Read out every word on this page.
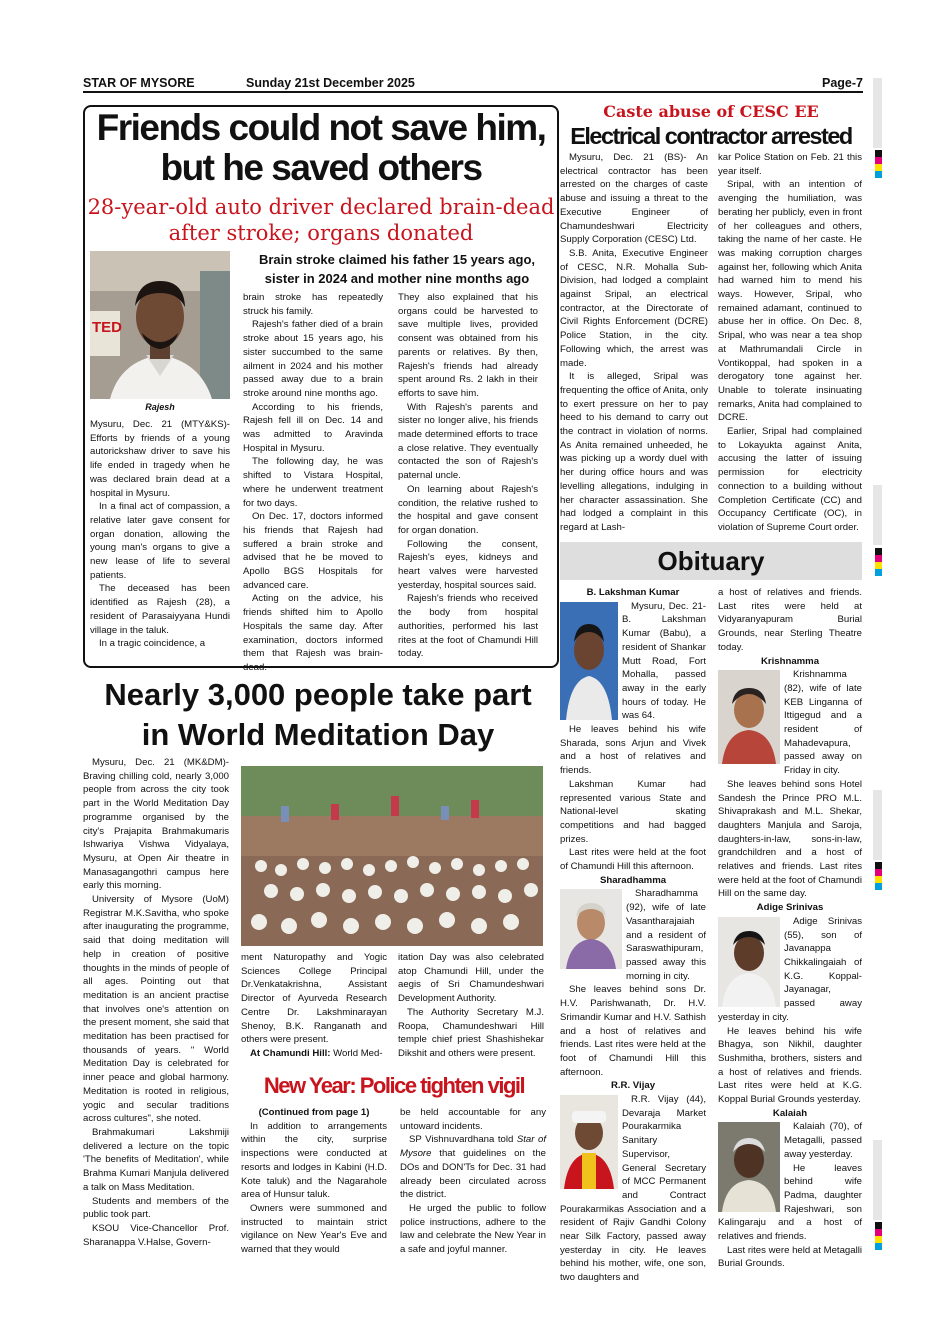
STAR OF MYSORE	Sunday 21st December 2025	Page-7
Friends could not save him,
but he saved others
28-year-old auto driver declared brain-dead
after stroke; organs donated
Brain stroke claimed his father 15 years ago,
sister in 2024 and mother nine months ago
TED
Rajesh

Mysuru, Dec. 21 (MTY&KS)- Efforts by friends of a young autorickshaw driver to save his life ended in tragedy when he was declared brain dead at a hospital in Mysuru.

In a final act of compassion, a relative later gave consent for organ donation, allowing the young man's organs to give a new lease of life to several patients.

The deceased has been identified as Rajesh (28), a resident of Parasaiyyana Hundi village in the taluk.

In a tragic coincidence, a

brain stroke has repeatedly struck his family.

Rajesh's father died of a brain stroke about 15 years ago, his sister succumbed to the same ailment in 2024 and his mother passed away due to a brain stroke around nine months ago.

According to his friends, Rajesh fell ill on Dec. 14 and was admitted to Aravinda Hospital in Mysuru.

The following day, he was shifted to Vistara Hospital, where he underwent treatment for two days.

On Dec. 17, doctors informed his friends that Rajesh had suffered a brain stroke and advised that he be moved to Apollo BGS Hospitals for advanced care.

Acting on the advice, his friends shifted him to Apollo Hospitals the same day. After examination, doctors informed them that Rajesh was brain-dead.

They also explained that his organs could be harvested to save multiple lives, provided consent was obtained from his parents or relatives. By then, Rajesh's friends had already spent around Rs. 2 lakh in their efforts to save him.

With Rajesh's parents and sister no longer alive, his friends made determined efforts to trace a close relative. They eventually contacted the son of Rajesh's paternal uncle.

On learning about Rajesh's condition, the relative rushed to the hospital and gave consent for organ donation.

Following the consent, Rajesh's eyes, kidneys and heart valves were harvested yesterday, hospital sources said.

Rajesh's friends who received the body from hospital authorities, performed his last rites at the foot of Chamundi Hill today.

Caste abuse of CESC EE
Electrical contractor arrested

Mysuru, Dec. 21 (BS)- An electrical contractor has been arrested on the charges of caste abuse and issuing a threat to the Executive Engineer of Chamundeshwari Electricity Supply Corporation (CESC) Ltd.

S.B. Anita, Executive Engineer of CESC, N.R. Mohalla Sub-Division, had lodged a complaint against Sripal, an electrical contractor, at the Directorate of Civil Rights Enforcement (DCRE) Police Station, in the city. Following which, the arrest was made.

It is alleged, Sripal was frequenting the office of Anita, only to exert pressure on her to pay heed to his demand to carry out the contract in violation of norms. As Anita remained unheeded, he was picking up a wordy duel with her during office hours and was levelling allegations, indulging in her character assassination. She had lodged a complaint in this regard at Lash-

kar Police Station on Feb. 21 this year itself.

Sripal, with an intention of avenging the humiliation, was berating her publicly, even in front of her colleagues and others, taking the name of her caste. He was making corruption charges against her, following which Anita had warned him to mend his ways. However, Sripal, who remained adamant, continued to abuse her in office. On Dec. 8, Sripal, who was near a tea shop at Mathrumandali Circle in Vontikoppal, had spoken in a derogatory tone against her. Unable to tolerate insinuating remarks, Anita had complained to DCRE.

Earlier, Sripal had complained to Lokayukta against Anita, accusing the latter of issuing permission for electricity connection to a building without Completion Certificate (CC) and Occupancy Certificate (OC), in violation of Supreme Court order.

Obituary

B. Lakshman Kumar

Mysuru, Dec. 21- B. Lakshman Kumar (Babu), a resident of Shankar Mutt Road, Fort Mohalla, passed away in the early hours of today. He was 64.

He leaves behind his wife Sharada, sons Arjun and Vivek and a host of relatives and friends.

Lakshman Kumar had represented various State and National-level skating competitions and had bagged prizes.

Last rites were held at the foot of Chamundi Hill this afternoon.

Sharadhamma

Sharadhamma (92), wife of late Vasantharajaiah and a resident of Saraswathipuram, passed away this morning in city.

She leaves behind sons Dr. H.V. Parishwanath, Dr. H.V. Srimandir Kumar and H.V. Sathish and a host of relatives and friends. Last rites were held at the foot of Chamundi Hill this afternoon.

R.R. Vijay

R.R. Vijay (44), Devaraja Market Pourakarmika Sanitary Supervisor, General Secretary of MCC Permanent and Contract Pourakarmikas Association and a resident of Rajiv Gandhi Colony near Silk Factory, passed away yesterday in city. He leaves behind his mother, wife, one son, two daughters and

a host of relatives and friends. Last rites were held at Vidyaranyapuram Burial Grounds, near Sterling Theatre today.

Krishnamma

Krishnamma (82), wife of late KEB Linganna of Ittigegud and a resident of Mahadevapura, passed away on Friday in city.

She leaves behind sons Hotel Sandesh the Prince PRO M.L. Shivaprakash and M.L. Shekar, daughters Manjula and Saroja, daughters-in-law, sons-in-law, grandchildren and a host of relatives and friends. Last rites were held at the foot of Chamundi Hill on the same day.

Adige Srinivas

Adige Srinivas (55), son of Javanappa Chikkalingaiah of K.G. Koppal-Jayanagar, passed away yesterday in city.

He leaves behind his wife Bhagya, son Nikhil, daughter Sushmitha, brothers, sisters and a host of relatives and friends. Last rites were held at K.G. Koppal Burial Grounds yesterday.

Kalaiah

Kalaiah (70), of Metagalli, passed away yesterday.

He leaves behind wife Padma, daughter Rajeshwari, son Kalingaraju and a host of relatives and friends.

Last rites were held at Metagalli Burial Grounds.

Nearly 3,000 people take part
in World Meditation Day

Mysuru, Dec. 21 (MK&DM)- Braving chilling cold, nearly 3,000 people from across the city took part in the World Meditation Day programme organised by the city's Prajapita Brahmakumaris Ishwariya Vishwa Vidyalaya, Mysuru, at Open Air theatre in Manasagangothri campus here early this morning.

University of Mysore (UoM) Registrar M.K.Savitha, who spoke after inaugurating the programme, said that doing meditation will help in creation of positive thoughts in the minds of people of all ages. Pointing out that meditation is an ancient practise that involves one's attention on the present moment, she said that meditation has been practised for thousands of years. " World Meditation Day is celebrated for inner peace and global harmony. Meditation is rooted in religious, yogic and secular traditions across cultures", she noted.

Brahmakumari Lakshmiji delivered a lecture on the topic 'The benefits of Meditation', while Brahma Kumari Manjula delivered a talk on Mass Meditation.

Students and members of the public took part.

KSOU Vice-Chancellor Prof. Sharanappa V.Halse, Govern-

ment Naturopathy and Yogic Sciences College Principal Dr.Venkatakrishna, Assistant Director of Ayurveda Research Centre Dr. Lakshminarayan Shenoy, B.K. Ranganath and others were present.

At Chamundi Hill: World Med-

itation Day was also celebrated atop Chamundi Hill, under the aegis of Sri Chamundeshwari Development Authority.

The Authority Secretary M.J. Roopa, Chamundeshwari Hill temple chief priest Shashishekar Dikshit and others were present.

New Year: Police tighten vigil

(Continued from page 1)

In addition to arrangements within the city, surprise inspections were conducted at resorts and lodges in Kabini (H.D. Kote taluk) and the Nagarahole area of Hunsur taluk.

Owners were summoned and instructed to maintain strict vigilance on New Year's Eve and warned that they would

be held accountable for any untoward incidents.

SP Vishnuvardhana told Star of Mysore that guidelines on the DOs and DON'Ts for Dec. 31 had already been circulated across the district.

He urged the public to follow police instructions, adhere to the law and celebrate the New Year in a safe and joyful manner.
